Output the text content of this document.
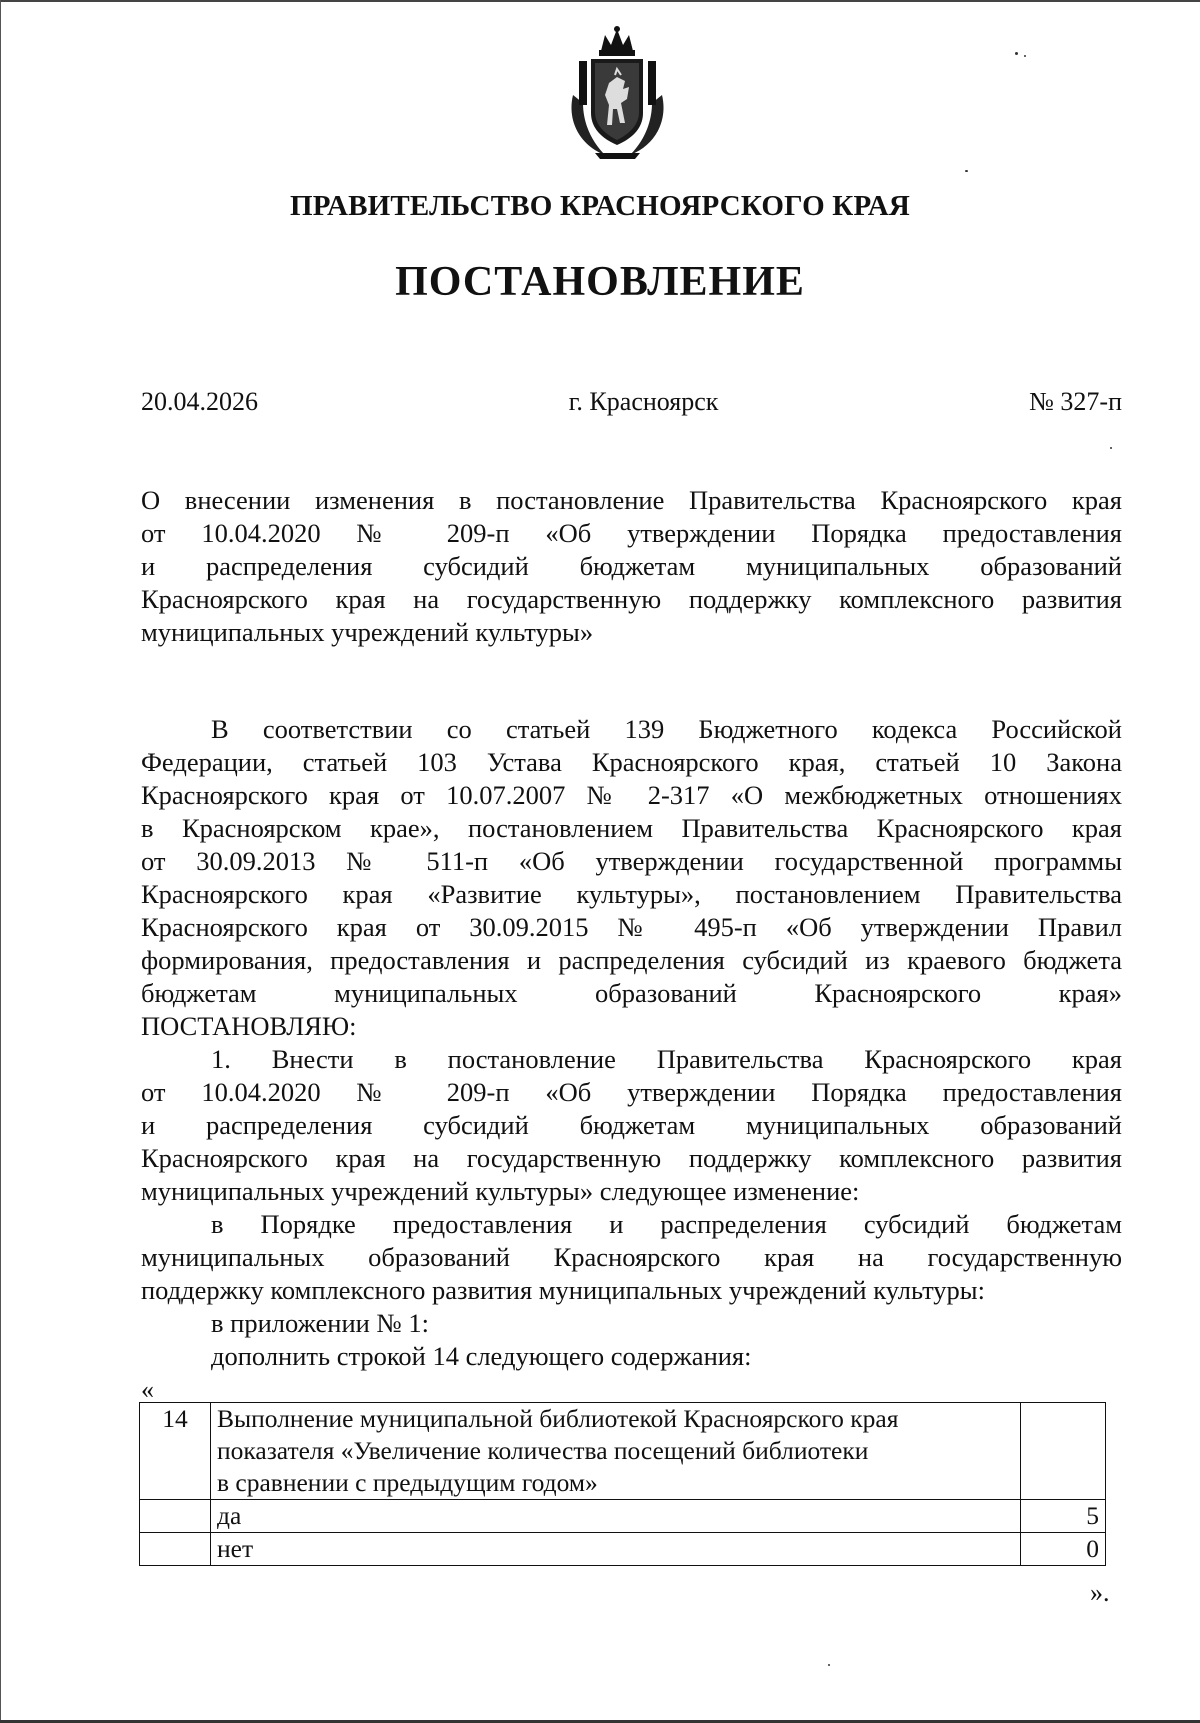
ПРАВИТЕЛЬСТВО КРАСНОЯРСКОГО КРАЯ
ПОСТАНОВЛЕНИЕ
20.04.2026	г. Красноярск	№ 327-п
О внесении изменения в постановление Правительства Красноярского края
от 10.04.2020 № 209-п «Об утверждении Порядка предоставления
и распределения субсидий бюджетам муниципальных образований
Красноярского края на государственную поддержку комплексного развития
муниципальных учреждений культуры»
В соответствии со статьей 139 Бюджетного кодекса Российской
Федерации, статьей 103 Устава Красноярского края, статьей 10 Закона
Красноярского края от 10.07.2007 № 2-317 «О межбюджетных отношениях
в Красноярском крае», постановлением Правительства Красноярского края
от 30.09.2013 № 511-п «Об утверждении государственной программы
Красноярского края «Развитие культуры», постановлением Правительства
Красноярского края от 30.09.2015 № 495-п «Об утверждении Правил
формирования, предоставления и распределения субсидий из краевого бюджета
бюджетам муниципальных образований Красноярского края»
ПОСТАНОВЛЯЮ:
1. Внести в постановление Правительства Красноярского края
от 10.04.2020 № 209-п «Об утверждении Порядка предоставления
и распределения субсидий бюджетам муниципальных образований
Красноярского края на государственную поддержку комплексного развития
муниципальных учреждений культуры» следующее изменение:
в Порядке предоставления и распределения субсидий бюджетам
муниципальных образований Красноярского края на государственную
поддержку комплексного развития муниципальных учреждений культуры:
в приложении № 1:
дополнить строкой 14 следующего содержания:
«
14	Выполнение муниципальной библиотекой Красноярского края
показателя «Увеличение количества посещений библиотеки
в сравнении с предыдущим годом»	

	да	5
	нет	0
».
